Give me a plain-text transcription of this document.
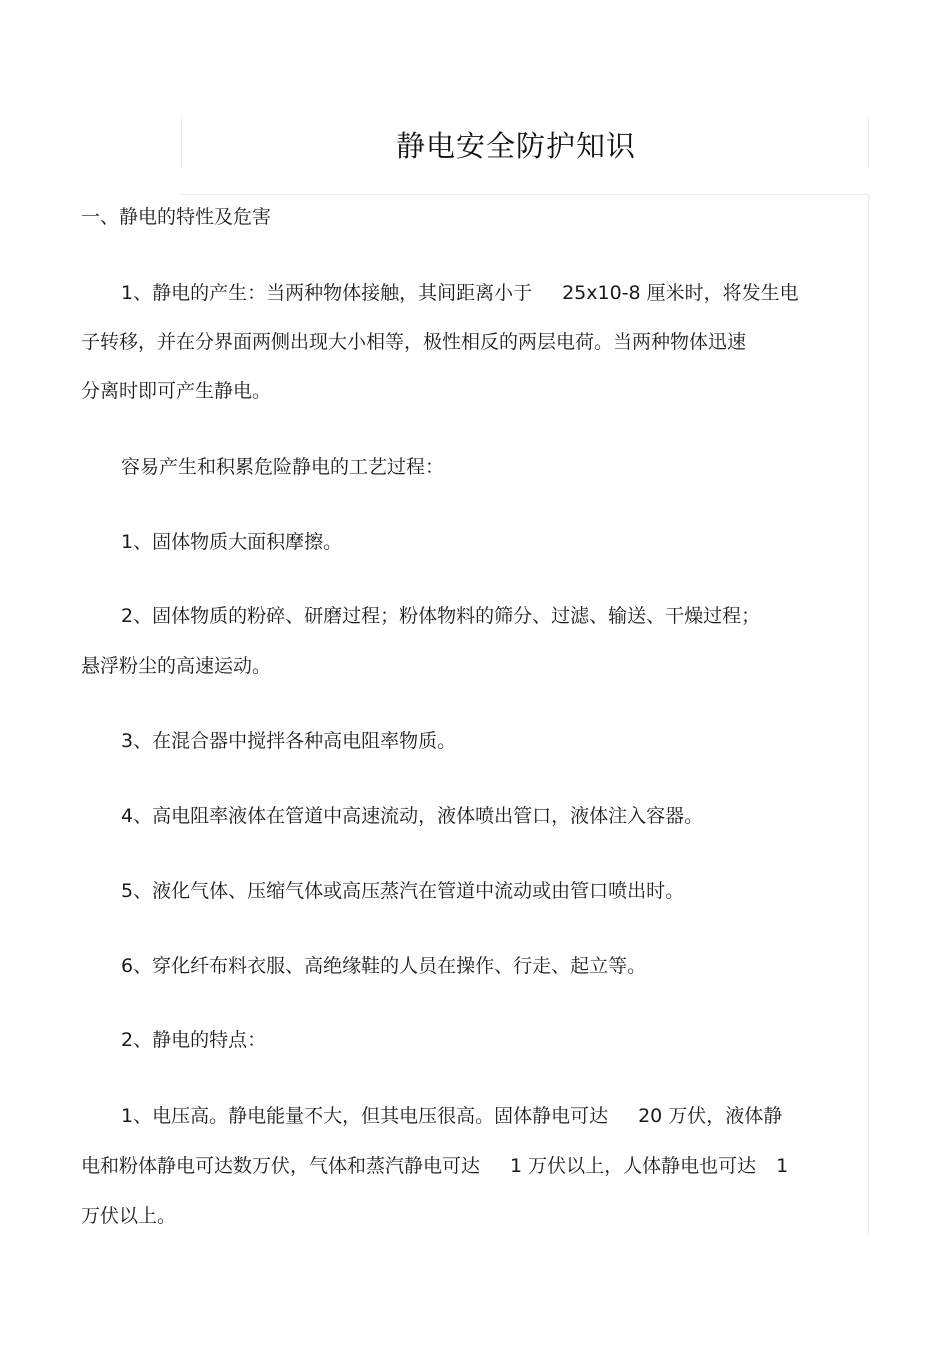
静电安全防护知识
一、静电的特性及危害
1、静电的产生：当两种物体接触，其间距离小于 25x10-8 厘米时，将发生电
子转移，并在分界面两侧出现大小相等，极性相反的两层电荷。当两种物体迅速
分离时即可产生静电。
容易产生和积累危险静电的工艺过程：
1、固体物质大面积摩擦。
2、固体物质的粉碎、研磨过程；粉体物料的筛分、过滤、输送、干燥过程；
悬浮粉尘的高速运动。
3、在混合器中搅拌各种高电阻率物质。
4、高电阻率液体在管道中高速流动，液体喷出管口，液体注入容器。
5、液化气体、压缩气体或高压蒸汽在管道中流动或由管口喷出时。
6、穿化纤布料衣服、高绝缘鞋的人员在操作、行走、起立等。
2、静电的特点：
1、电压高。静电能量不大，但其电压很高。固体静电可达 20 万伏，液体静
电和粉体静电可达数万伏，气体和蒸汽静电可达 1 万伏以上，人体静电也可达 1
万伏以上。
